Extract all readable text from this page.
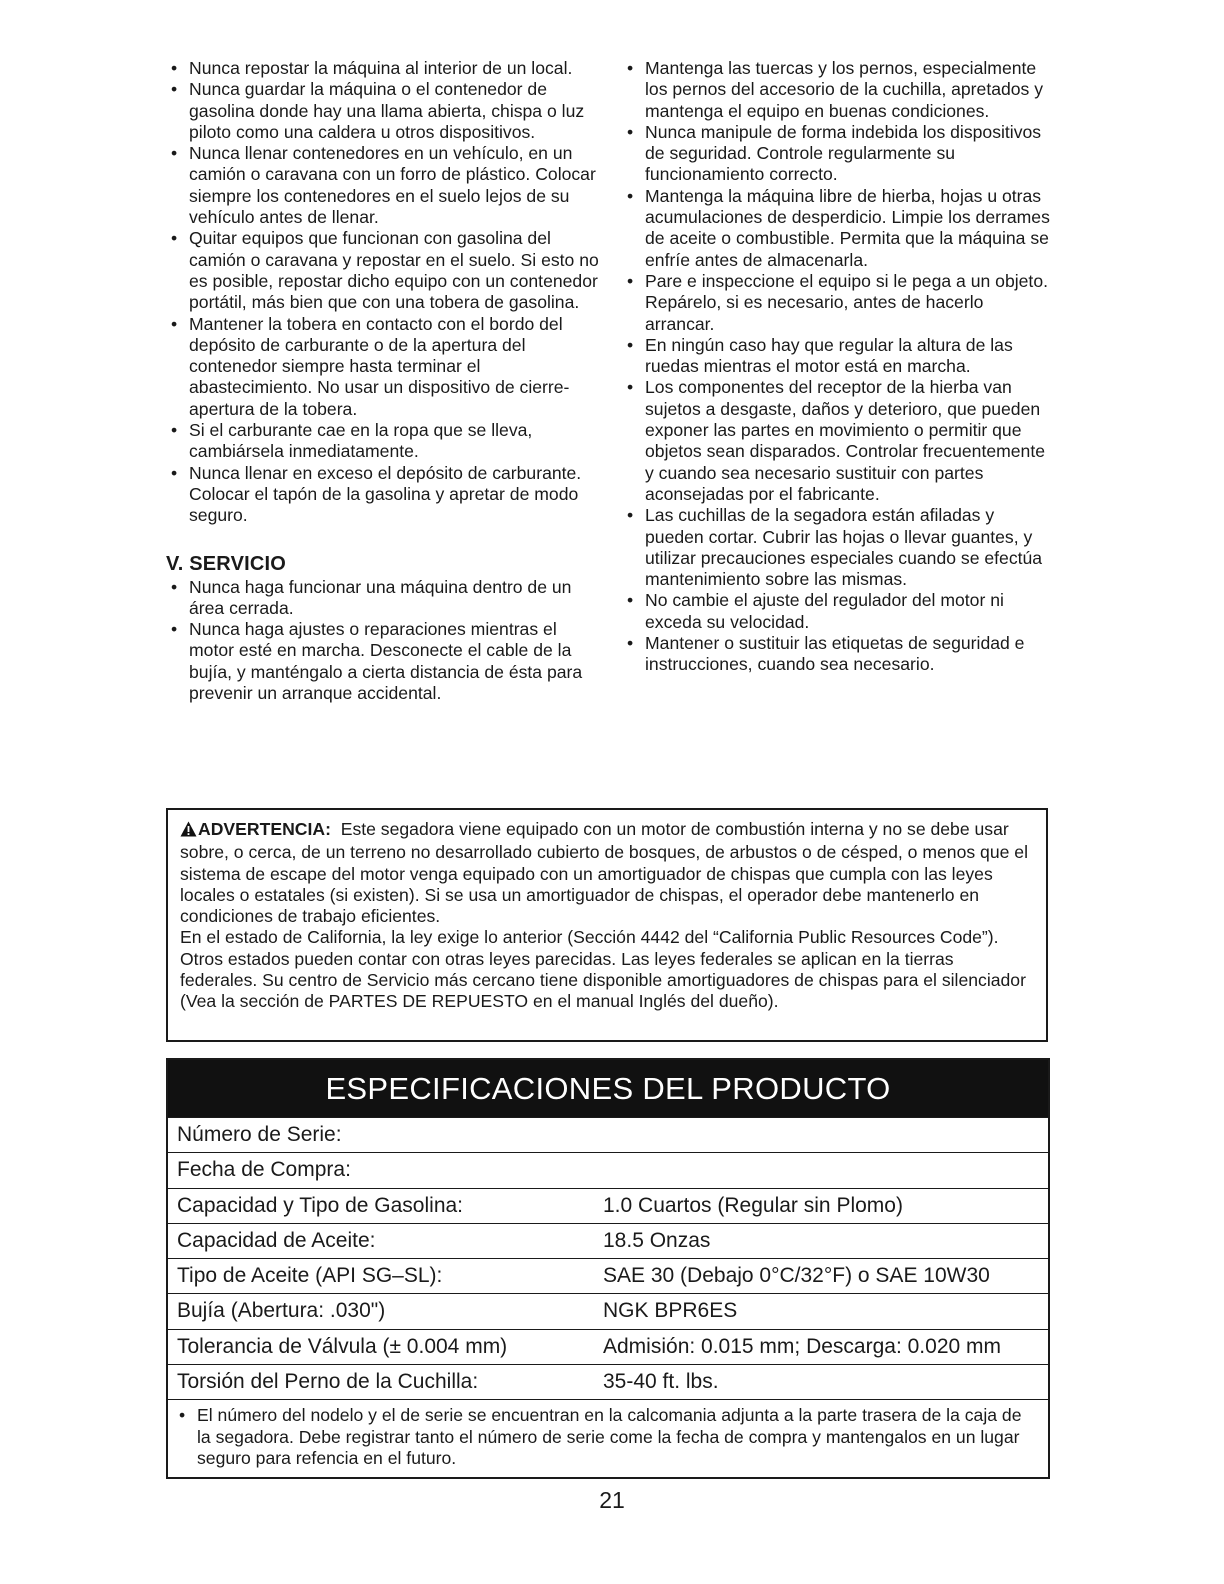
• Nunca repostar la máquina al interior de un local.
• Nunca guardar la máquina o el contenedor de gasolina donde hay una llama abierta, chispa o luz piloto como una caldera u otros dispositivos.
• Nunca llenar contenedores en un vehículo, en un camión o caravana con un forro de plástico. Colocar siempre los contenedores en el suelo lejos de su vehículo antes de llenar.
• Quitar equipos que funcionan con gasolina del camión o caravana y repostar en el suelo. Si esto no es posible, repostar dicho equipo con un contenedor portátil, más bien que con una tobera de gasolina.
• Mantener la tobera en contacto con el bordo del depósito de carburante o de la apertura del contenedor siempre hasta terminar el abastecimiento. No usar un dispositivo de cierre-apertura de la tobera.
• Si el carburante cae en la ropa que se lleva, cambiársela inmediatamente.
• Nunca llenar en exceso el depósito de carburante. Colocar el tapón de la gasolina y apretar de modo seguro.
V. SERVICIO
• Nunca haga funcionar una máquina dentro de un área cerrada.
• Nunca haga ajustes o reparaciones mientras el motor esté en marcha. Desconecte el cable de la bujía, y manténgalo a cierta distancia de ésta para prevenir un arranque accidental.
• Mantenga las tuercas y los pernos, especialmente los pernos del accesorio de la cuchilla, apretados y mantenga el equipo en buenas condiciones.
• Nunca manipule de forma indebida los dispositivos de seguridad. Controle regularmente su funcionamiento correcto.
• Mantenga la máquina libre de hierba, hojas u otras acumulaciones de desperdicio. Limpie los derrames de aceite o combustible. Permita que la máquina se enfríe antes de almacenarla.
• Pare e inspeccione el equipo si le pega a un objeto. Repárelo, si es necesario, antes de hacerlo arrancar.
• En ningún caso hay que regular la altura de las ruedas mientras el motor está en marcha.
• Los componentes del receptor de la hierba van sujetos a desgaste, daños y deterioro, que pueden exponer las partes en movimiento o permitir que objetos sean disparados. Controlar frecuentemente y cuando sea necesario sustituir con partes aconsejadas por el fabricante.
• Las cuchillas de la segadora están afiladas y pueden cortar. Cubrir las hojas o llevar guantes, y utilizar precauciones especiales cuando se efectúa mantenimiento sobre las mismas.
• No cambie el ajuste del regulador del motor ni exceda su velocidad.
• Mantener o sustituir las etiquetas de seguridad e instrucciones, cuando sea necesario.

ADVERTENCIA: Este segadora viene equipado con un motor de combustión interna y no se debe usar sobre, o cerca, de un terreno no desarrollado cubierto de bosques, de arbustos o de césped, o menos que el sistema de escape del motor venga equipado con un amortiguador de chispas que cumpla con las leyes locales o estatales (si existen). Si se usa un amortiguador de chispas, el operador debe mantenerlo en condiciones de trabajo eficientes.

En el estado de California, la ley exige lo anterior (Sección 4442 del “California Public Resources Code”). Otros estados pueden contar con otras leyes parecidas. Las leyes federales se aplican en la tierras federales. Su centro de Servicio más cercano tiene disponible amortiguadores de chispas para el silenciador (Vea la sección de PARTES DE REPUESTO en el manual Inglés del dueño).

ESPECIFICACIONES DEL PRODUCTO
Número de Serie:
Fecha de Compra:
Capacidad y Tipo de Gasolina:	1.0 Cuartos (Regular sin Plomo)
Capacidad de Aceite:	18.5 Onzas
Tipo de Aceite (API SG–SL):	SAE 30 (Debajo 0°C/32°F) o SAE 10W30
Bujía (Abertura: .030")	NGK BPR6ES
Tolerancia de Válvula (± 0.004 mm)	Admisión: 0.015 mm; Descarga: 0.020 mm
Torsión del Perno de la Cuchilla:	35-40 ft. lbs.
• El número del nodelo y el de serie se encuentran en la calcomania adjunta a la parte trasera de la caja de la segadora. Debe registrar tanto el número de serie come la fecha de compra y mantengalos en un lugar seguro para refencia en el futuro.
21
